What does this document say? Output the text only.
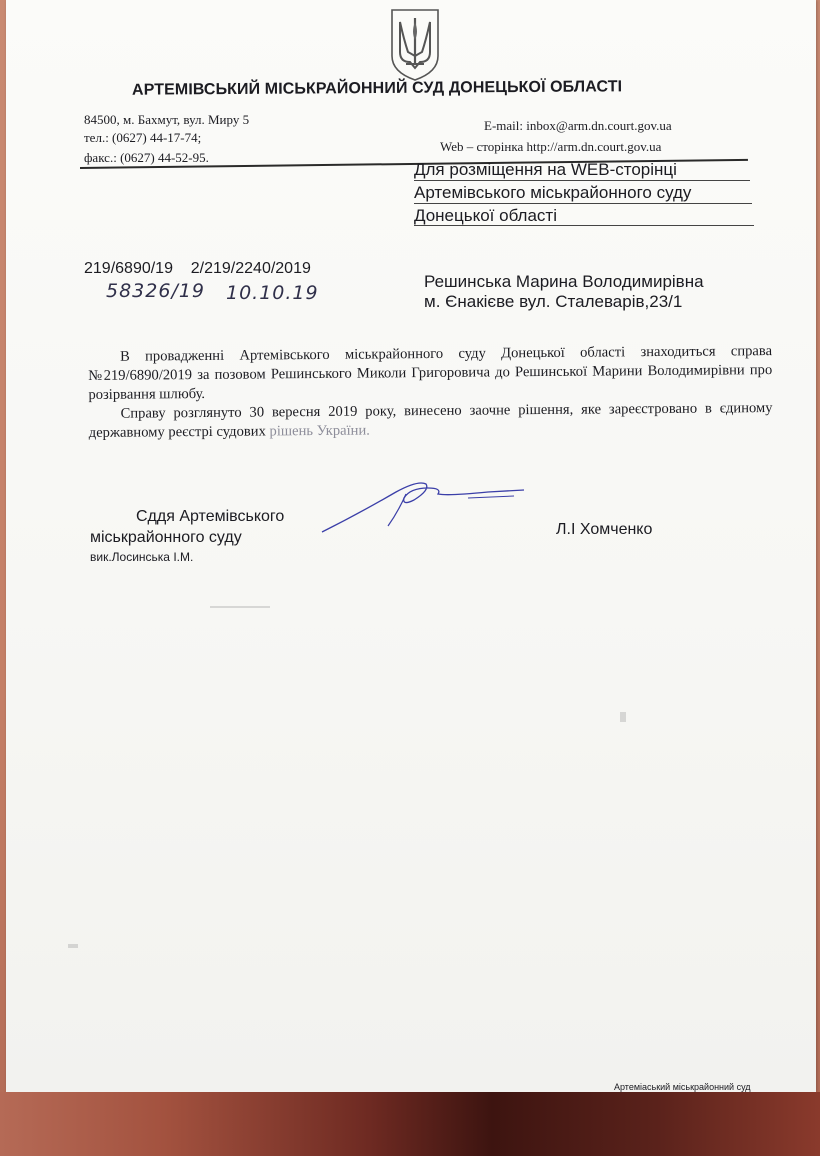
АРТЕМІВСЬКИЙ МІСЬКРАЙОННИЙ СУД ДОНЕЦЬКОЇ ОБЛАСТІ
84500, м. Бахмут, вул. Миру 5
тел.: (0627) 44-17-74;
факс.: (0627) 44-52-95.
E-mail: inbox@arm.dn.court.gov.ua
Web – сторінка http://arm.dn.court.gov.ua
Для розміщення на WEB-сторінці
Артемівського міськрайонного суду
Донецької області
219/6890/19    2/219/2240/2019
58326/19 10.10.19
Решинська Марина Володимирівна
м. Єнакієве вул. Сталеварів,23/1

В провадженні Артемівського міськрайонного суду Донецької області знаходиться справа №219/6890/2019 за позовом Решинського Миколи Григоровича до Решинської Марини Володимирівни про розірвання шлюбу.

Справу розглянуто 30 вересня 2019 року, винесено заочне рішення, яке зареєстровано в єдиному державному реєстрі судових рішень України.

Сддя Артемівського
міськрайонного суду
вик.Лосинська І.М.
Л.І Хомченко
Артеміаський міськрайонний суд
